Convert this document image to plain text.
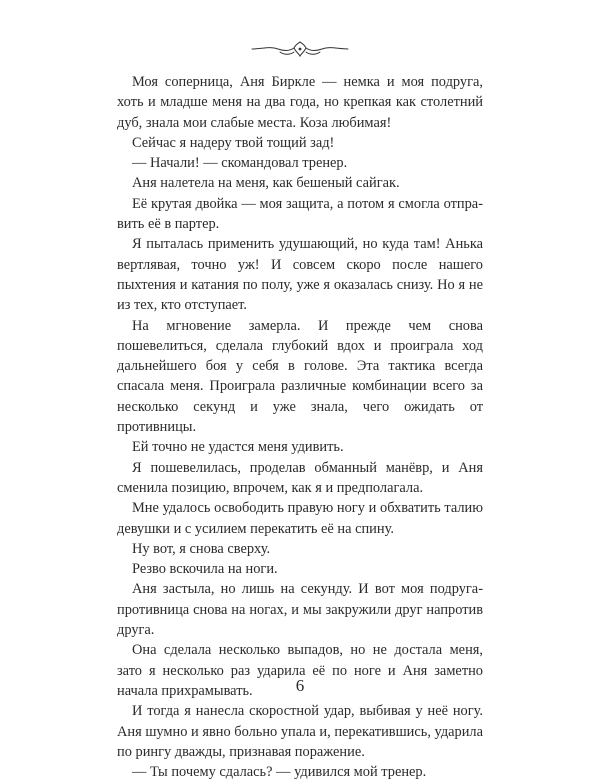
Моя соперница, Аня Биркле — немка и моя подруга, хоть и младше меня на два года, но крепкая как столетний дуб, знала мои слабые места. Коза любимая!

Сейчас я надеру твой тощий зад!

— Начали! — скомандовал тренер.

Аня налетела на меня, как бешеный сайгак.

Её крутая двойка — моя защита, а потом я смогла отправить её в партер.

Я пыталась применить удушающий, но куда там! Анька вертлявая, точно уж! И совсем скоро после нашего пыхтения и катания по полу, уже я оказалась снизу. Но я не из тех, кто отступает.

На мгновение замерла. И прежде чем снова пошевелиться, сделала глубокий вдох и проиграла ход дальнейшего боя у себя в голове. Эта тактика всегда спасала меня. Проиграла различные комбинации всего за несколько секунд и уже знала, чего ожидать от противницы.

Ей точно не удастся меня удивить.

Я пошевелилась, проделав обманный манёвр, и Аня сменила позицию, впрочем, как я и предполагала.

Мне удалось освободить правую ногу и обхватить талию девушки и с усилием перекатить её на спину.

Ну вот, я снова сверху.

Резво вскочила на ноги.

Аня застыла, но лишь на секунду. И вот моя подруга-противница снова на ногах, и мы закружили друг напротив друга.

Она сделала несколько выпадов, но не достала меня, зато я несколько раз ударила её по ноге и Аня заметно начала прихрамывать.

И тогда я нанесла скоростной удар, выбивая у неё ногу. Аня шумно и явно больно упала и, перекатившись, ударила по рингу дважды, признавая поражение.

— Ты почему сдалась? — удивился мой тренер.

6
